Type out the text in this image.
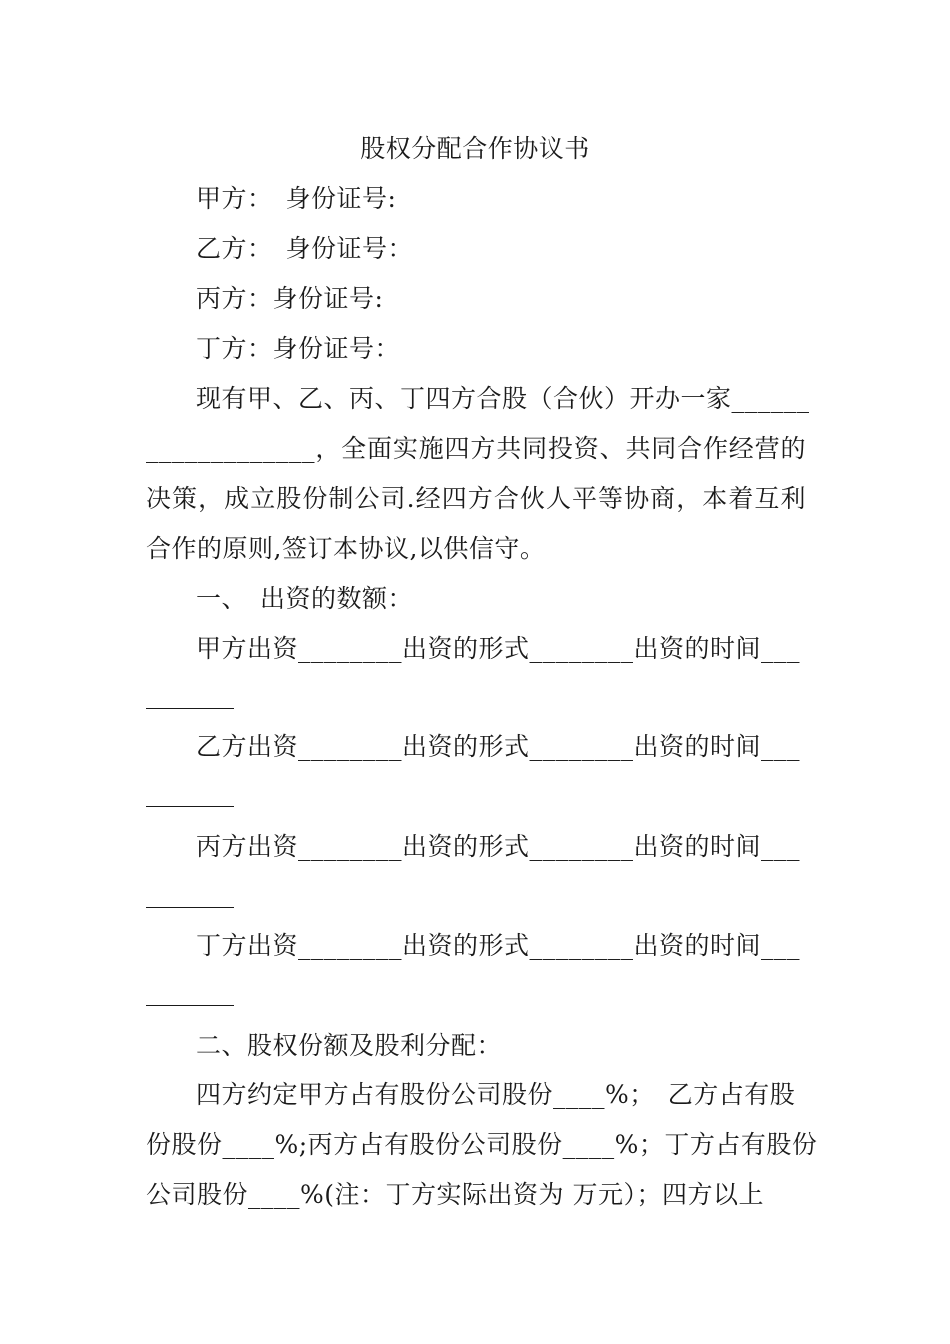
股权分配合作协议书
甲方：　身份证号:
乙方：　身份证号：
丙方：身份证号:
丁方：身份证号：
现有甲、乙、丙、丁四方合股（合伙）开办一家______
_____________，全面实施四方共同投资、共同合作经营的
决策，成立股份制公司.经四方合伙人平等协商，本着互利
合作的原则,签订本协议,以供信守。
一、　出资的数额：
甲方出资________出资的形式________出资的时间___
乙方出资________出资的形式________出资的时间___
丙方出资________出资的形式________出资的时间___
丁方出资________出资的形式________出资的时间___
二、股权份额及股利分配：
四方约定甲方占有股份公司股份____%；　乙方占有股
份股份____%;丙方占有股份公司股份____%；丁方占有股份
公司股份____%(注：丁方实际出资为 万元）；四方以上
